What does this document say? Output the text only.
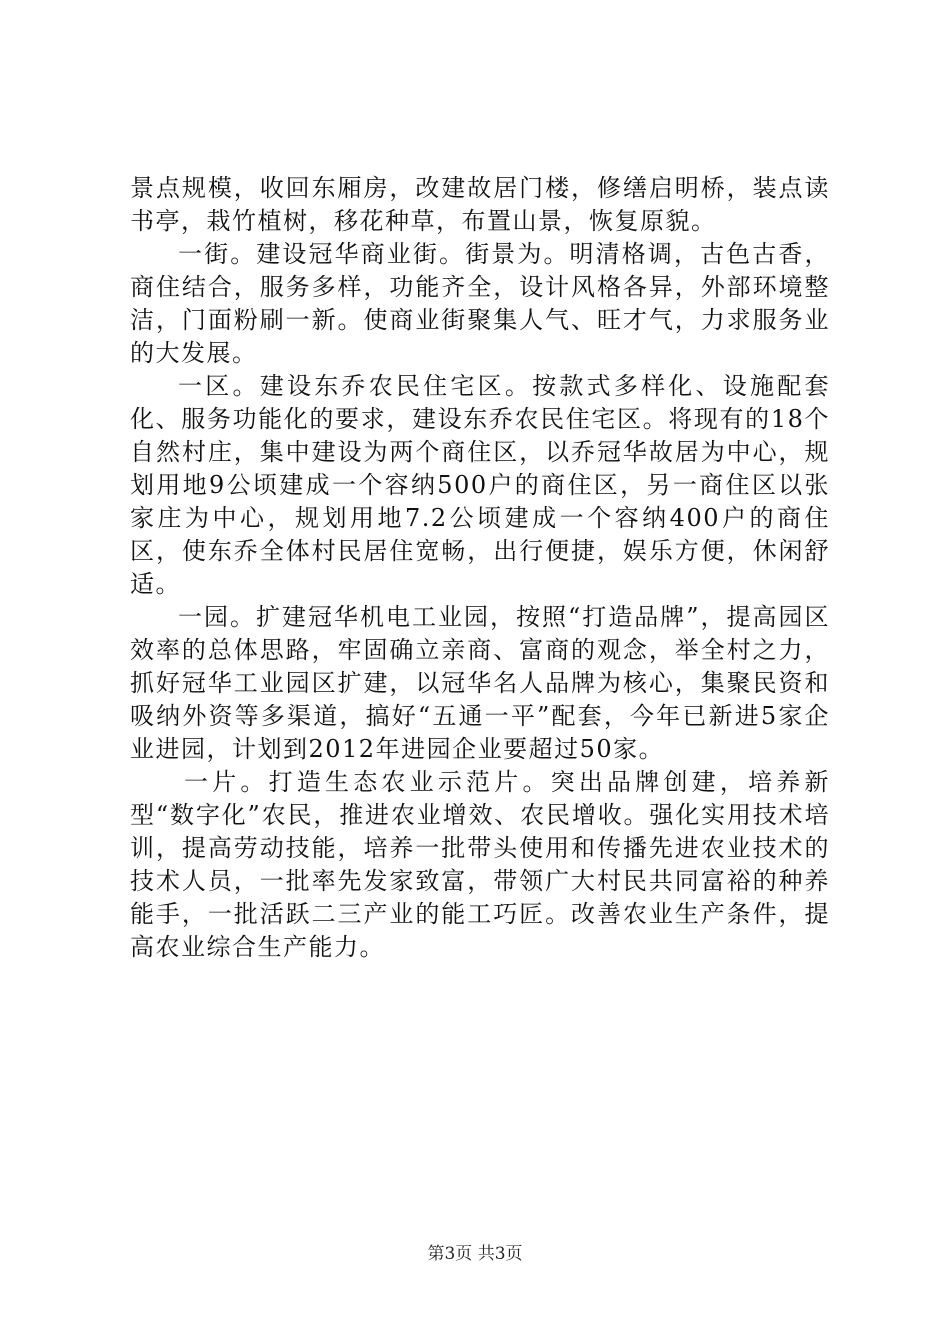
景点规模，收回东厢房，改建故居门楼，修缮启明桥，装点读书亭，栽竹植树，移花种草，布置山景，恢复原貌。

一街。建设冠华商业街。街景为。明清格调，古色古香，商住结合，服务多样，功能齐全，设计风格各异，外部环境整洁，门面粉刷一新。使商业街聚集人气、旺才气，力求服务业的大发展。

一区。建设东乔农民住宅区。按款式多样化、设施配套化、服务功能化的要求，建设东乔农民住宅区。将现有的18个自然村庄，集中建设为两个商住区，以乔冠华故居为中心，规划用地9公顷建成一个容纳500户的商住区，另一商住区以张家庄为中心，规划用地7.2公顷建成一个容纳400户的商住区，使东乔全体村民居住宽畅，出行便捷，娱乐方便，休闲舒适。

一园。扩建冠华机电工业园，按照“打造品牌”，提高园区效率的总体思路，牢固确立亲商、富商的观念，举全村之力，抓好冠华工业园区扩建，以冠华名人品牌为核心，集聚民资和吸纳外资等多渠道，搞好“五通一平”配套，今年已新进5家企业进园，计划到2012年进园企业要超过50家。

一片。打造生态农业示范片。突出品牌创建，培养新型“数字化”农民，推进农业增效、农民增收。强化实用技术培训，提高劳动技能，培养一批带头使用和传播先进农业技术的技术人员，一批率先发家致富，带领广大村民共同富裕的种养能手，一批活跃二三产业的能工巧匠。改善农业生产条件，提高农业综合生产能力。

第3页 共3页
